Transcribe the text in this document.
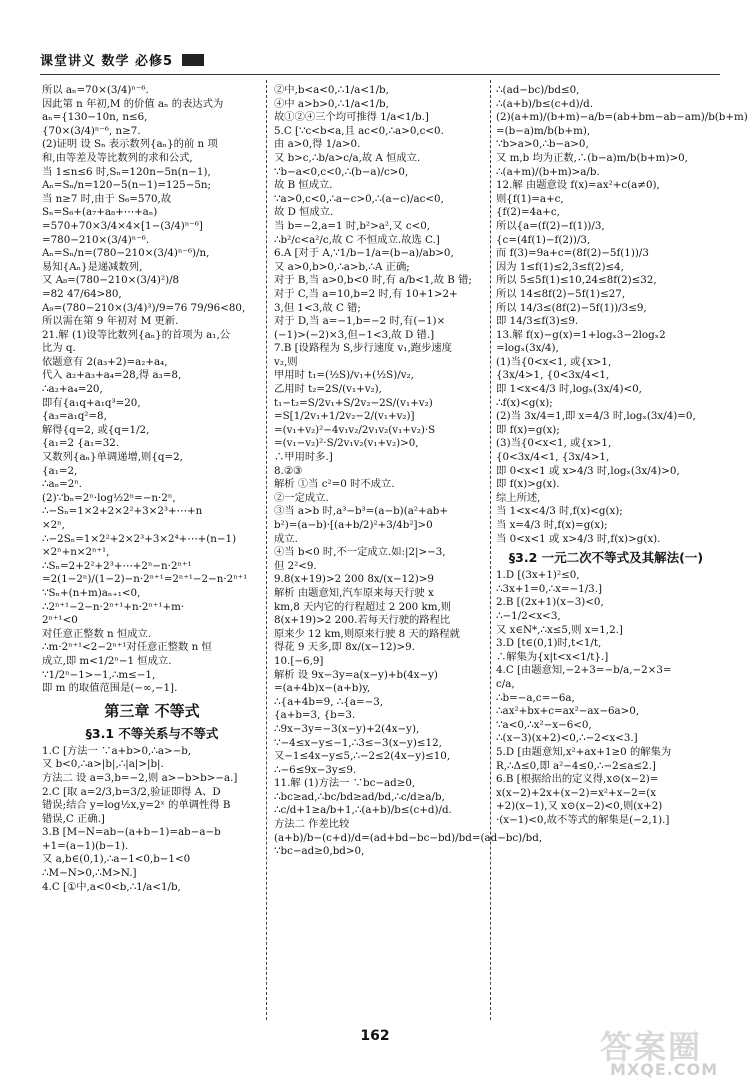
课堂讲义 数学 必修5
所以 aₙ=70×(3/4)ⁿ⁻⁶.
因此第 n 年初,M 的价值 aₙ 的表达式为
aₙ={130−10n, n≤6,
{70×(3/4)ⁿ⁻⁶, n≥7.
(2)证明 设 Sₙ 表示数列{aₙ}的前 n 项
和,由等差及等比数列的求和公式,
当 1≤n≤6 时,Sₙ=120n−5n(n−1),
Aₙ=Sₙ/n=120−5(n−1)=125−5n;
当 n≥7 时,由于 S₆=570,故
Sₙ=S₆+(a₇+a₈+⋯+aₙ)
=570+70×3/4×4×[1−(3/4)ⁿ⁻⁶]
=780−210×(3/4)ⁿ⁻⁶.
Aₙ=Sₙ/n=(780−210×(3/4)ⁿ⁻⁶)/n,
易知{Aₙ}是递减数列,
又 A₈=(780−210×(3/4)²)/8
=82 47/64>80,
A₉=(780−210×(3/4)³)/9=76 79/96<80,
所以需在第 9 年初对 M 更新.
21.解 (1)设等比数列{aₙ}的首项为 a₁,公
比为 q.
依题意有 2(a₃+2)=a₂+a₄,
代入 a₂+a₃+a₄=28,得 a₃=8,
∴a₂+a₄=20,
即有{a₁q+a₁q³=20,
{a₃=a₁q²=8,
解得{q=2, 或{q=1/2,
{a₁=2 {a₁=32.
又数列{aₙ}单调递增,则{q=2,
{a₁=2,
∴aₙ=2ⁿ.
(2)∵bₙ=2ⁿ·log½2ⁿ=−n·2ⁿ,
∴−Sₙ=1×2+2×2²+3×2³+⋯+n
×2ⁿ,
∴−2Sₙ=1×2²+2×2³+3×2⁴+⋯+(n−1)
×2ⁿ+n×2ⁿ⁺¹,
∴Sₙ=2+2²+2³+⋯+2ⁿ−n·2ⁿ⁺¹
=2(1−2ⁿ)/(1−2)−n·2ⁿ⁺¹=2ⁿ⁺¹−2−n·2ⁿ⁺¹
∵Sₙ+(n+m)aₙ₊₁<0,
∴2ⁿ⁺¹−2−n·2ⁿ⁺¹+n·2ⁿ⁺¹+m·
2ⁿ⁺¹<0
对任意正整数 n 恒成立.
∴m·2ⁿ⁺¹<2−2ⁿ⁺¹对任意正整数 n 恒
成立,即 m<1/2ⁿ−1 恒成立.
∵1/2ⁿ−1>−1,∴m≤−1,
即 m 的取值范围是(−∞,−1].
第三章 不等式
§3.1 不等关系与不等式
1.C [方法一 ∵a+b>0,∴a>−b,
又 b<0,∴a>|b|,∴|a|>|b|.
方法二 设 a=3,b=−2,则 a>−b>b>−a.]
2.C [取 a=2/3,b=3/2,验证即得 A、D
错误;结合 y=log½x,y=2ˣ 的单调性得 B
错误,C 正确.]
3.B [M−N=ab−(a+b−1)=ab−a−b
+1=(a−1)(b−1).
又 a,b∈(0,1),∴a−1<0,b−1<0
∴M−N>0,∴M>N.]
4.C [①中,a<0<b,∴1/a<1/b,
②中,b<a<0,∴1/a<1/b,
④中 a>b>0,∴1/a<1/b,
故①②④三个均可推得 1/a<1/b.]
5.C [∵c<b<a,且 ac<0,∴a>0,c<0.
由 a>0,得 1/a>0.
又 b>c,∴b/a>c/a,故 A 恒成立.
∵b−a<0,c<0,∴(b−a)/c>0,
故 B 恒成立.
∵a>0,c<0,∴a−c>0,∴(a−c)/ac<0,
故 D 恒成立.
当 b=−2,a=1 时,b²>a²,又 c<0,
∴b²/c<a²/c,故 C 不恒成立.故选 C.]
6.A [对于 A,∵1/b−1/a=(b−a)/ab>0,
又 a>0,b>0,∴a>b,∴A 正确;
对于 B,当 a>0,b<0 时,有 a/b<1,故 B 错;
对于 C,当 a=10,b=2 时,有 10+1>2+
3,但 1<3,故 C 错;
对于 D,当 a=−1,b=−2 时,有(−1)×
(−1)>(−2)×3,但−1<3,故 D 错.]
7.B [设路程为 S,步行速度 v₁,跑步速度
v₂,则
甲用时 t₁=(½S)/v₁+(½S)/v₂,
乙用时 t₂=2S/(v₁+v₂),
t₁−t₂=S/2v₁+S/2v₂−2S/(v₁+v₂)
=S[1/2v₁+1/2v₂−2/(v₁+v₂)]
=(v₁+v₂)²−4v₁v₂/2v₁v₂(v₁+v₂)·S
=(v₁−v₂)²·S/2v₁v₂(v₁+v₂)>0,
∴甲用时多.]
8.②③
解析 ①当 c²=0 时不成立.
②一定成立.
③当 a>b 时,a³−b³=(a−b)(a²+ab+
b²)=(a−b)·[(a+b/2)²+3/4b²]>0
成立.
④当 b<0 时,不一定成立.如:|2|>−3,
但 2²<9.
9.8(x+19)>2 200 8x/(x−12)>9
解析 由题意知,汽车原来每天行驶 x
km,8 天内它的行程超过 2 200 km,则
8(x+19)>2 200.若每天行驶的路程比
原来少 12 km,则原来行驶 8 天的路程就
得花 9 天多,即 8x/(x−12)>9.
10.[−6,9]
解析 设 9x−3y=a(x−y)+b(4x−y)
=(a+4b)x−(a+b)y,
∴{a+4b=9, ∴{a=−3,
{a+b=3, {b=3.
∴9x−3y=−3(x−y)+2(4x−y),
∵−4≤x−y≤−1,∴3≤−3(x−y)≤12,
又−1≤4x−y≤5,∴−2≤2(4x−y)≤10,
∴−6≤9x−3y≤9.
11.解 (1)方法一 ∵bc−ad≥0,
∴bc≥ad,∴bc/bd≥ad/bd,∴c/d≥a/b,
∴c/d+1≥a/b+1,∴(a+b)/b≤(c+d)/d.
方法二 作差比较
(a+b)/b−(c+d)/d=(ad+bd−bc−bd)/bd=(ad−bc)/bd,
∵bc−ad≥0,bd>0,
∴(ad−bc)/bd≤0,
∴(a+b)/b≤(c+d)/d.
(2)(a+m)/(b+m)−a/b=(ab+bm−ab−am)/b(b+m)
=(b−a)m/b(b+m),
∵b>a>0,∴b−a>0,
又 m,b 均为正数,∴(b−a)m/b(b+m)>0,
∴(a+m)/(b+m)>a/b.
12.解 由题意设 f(x)=ax²+c(a≠0),
则{f(1)=a+c,
{f(2)=4a+c,
所以{a=(f(2)−f(1))/3,
{c=(4f(1)−f(2))/3,
而 f(3)=9a+c=(8f(2)−5f(1))/3
因为 1≤f(1)≤2,3≤f(2)≤4,
所以 5≤5f(1)≤10,24≤8f(2)≤32,
所以 14≤8f(2)−5f(1)≤27,
所以 14/3≤(8f(2)−5f(1))/3≤9,
即 14/3≤f(3)≤9.
13.解 f(x)−g(x)=1+logₓ3−2logₓ2
=logₓ(3x/4),
(1)当{0<x<1, 或{x>1,
{3x/4>1, {0<3x/4<1,
即 1<x<4/3 时,logₓ(3x/4)<0,
∴f(x)<g(x);
(2)当 3x/4=1,即 x=4/3 时,logₓ(3x/4)=0,
即 f(x)=g(x);
(3)当{0<x<1, 或{x>1,
{0<3x/4<1, {3x/4>1,
即 0<x<1 或 x>4/3 时,logₓ(3x/4)>0,
即 f(x)>g(x).
综上所述,
当 1<x<4/3 时,f(x)<g(x);
当 x=4/3 时,f(x)=g(x);
当 0<x<1 或 x>4/3 时,f(x)>g(x).
§3.2 一元二次不等式及其解法(一)
1.D [(3x+1)²≤0,
∴3x+1=0,∴x=−1/3.]
2.B [(2x+1)(x−3)<0,
∴−1/2<x<3,
又 x∈N*,∴x≤5,则 x=1,2.]
3.D [t∈(0,1)时,t<1/t,
∴解集为{x|t<x<1/t}.]
4.C [由题意知,−2+3=−b/a,−2×3=
c/a,
∴b=−a,c=−6a,
∴ax²+bx+c=ax²−ax−6a>0,
∵a<0,∴x²−x−6<0,
∴(x−3)(x+2)<0,∴−2<x<3.]
5.D [由题意知,x²+ax+1≥0 的解集为
R,∴Δ≤0,即 a²−4≤0,∴−2≤a≤2.]
6.B [根据给出的定义得,x⊙(x−2)=
x(x−2)+2x+(x−2)=x²+x−2=(x
+2)(x−1),又 x⊙(x−2)<0,则(x+2)
·(x−1)<0,故不等式的解集是(−2,1).]
162	答案圈
MXQE.COM
